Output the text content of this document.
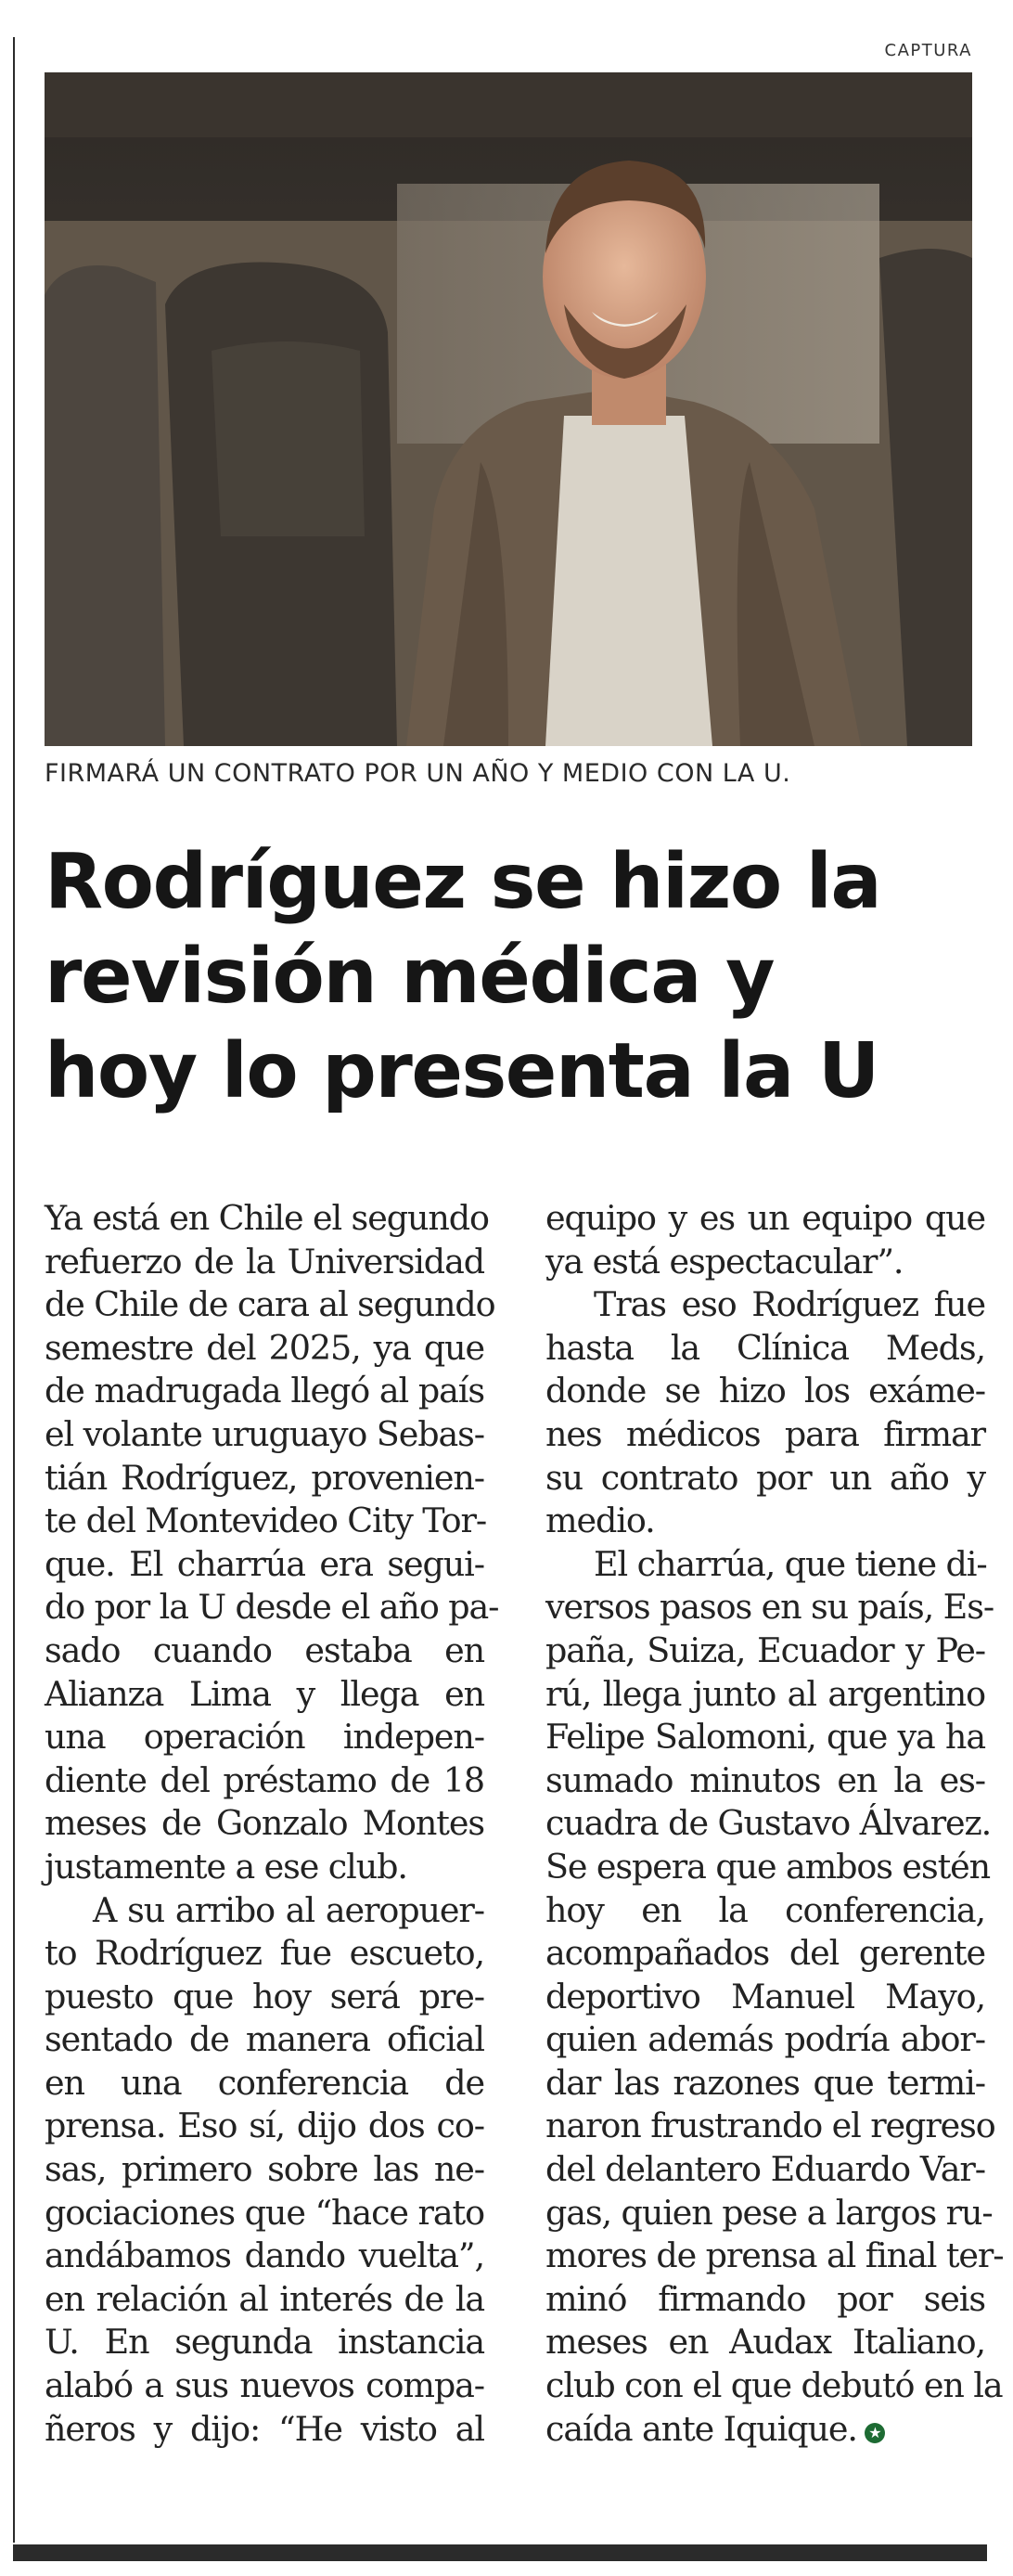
CAPTURA
FIRMARÁ UN CONTRATO POR UN AÑO Y MEDIO CON LA U.
Rodríguez se hizo la
revisión médica y
hoy lo presenta la U
Ya está en Chile el segundo
refuerzo de la Universidad
de Chile de cara al segundo
semestre del 2025, ya que
de madrugada llegó al país
el volante uruguayo Sebas-
tián Rodríguez, provenien-
te del Montevideo City Tor-
que. El charrúa era segui-
do por la U desde el año pa-
sado cuando estaba en
Alianza Lima y llega en
una operación indepen-
diente del préstamo de 18
meses de Gonzalo Montes
justamente a ese club.
A su arribo al aeropuer-
to Rodríguez fue escueto,
puesto que hoy será pre-
sentado de manera oficial
en una conferencia de
prensa. Eso sí, dijo dos co-
sas, primero sobre las ne-
gociaciones que “hace rato
andábamos dando vuelta”,
en relación al interés de la
U. En segunda instancia
alabó a sus nuevos compa-
ñeros y dijo: “He visto al
equipo y es un equipo que
ya está espectacular”.
Tras eso Rodríguez fue
hasta la Clínica Meds,
donde se hizo los exáme-
nes médicos para firmar
su contrato por un año y
medio.
El charrúa, que tiene di-
versos pasos en su país, Es-
paña, Suiza, Ecuador y Pe-
rú, llega junto al argentino
Felipe Salomoni, que ya ha
sumado minutos en la es-
cuadra de Gustavo Álvarez.
Se espera que ambos estén
hoy en la conferencia,
acompañados del gerente
deportivo Manuel Mayo,
quien además podría abor-
dar las razones que termi-
naron frustrando el regreso
del delantero Eduardo Var-
gas, quien pese a largos ru-
mores de prensa al final ter-
minó firmando por seis
meses en Audax Italiano,
club con el que debutó en la
caída ante Iquique. ★
